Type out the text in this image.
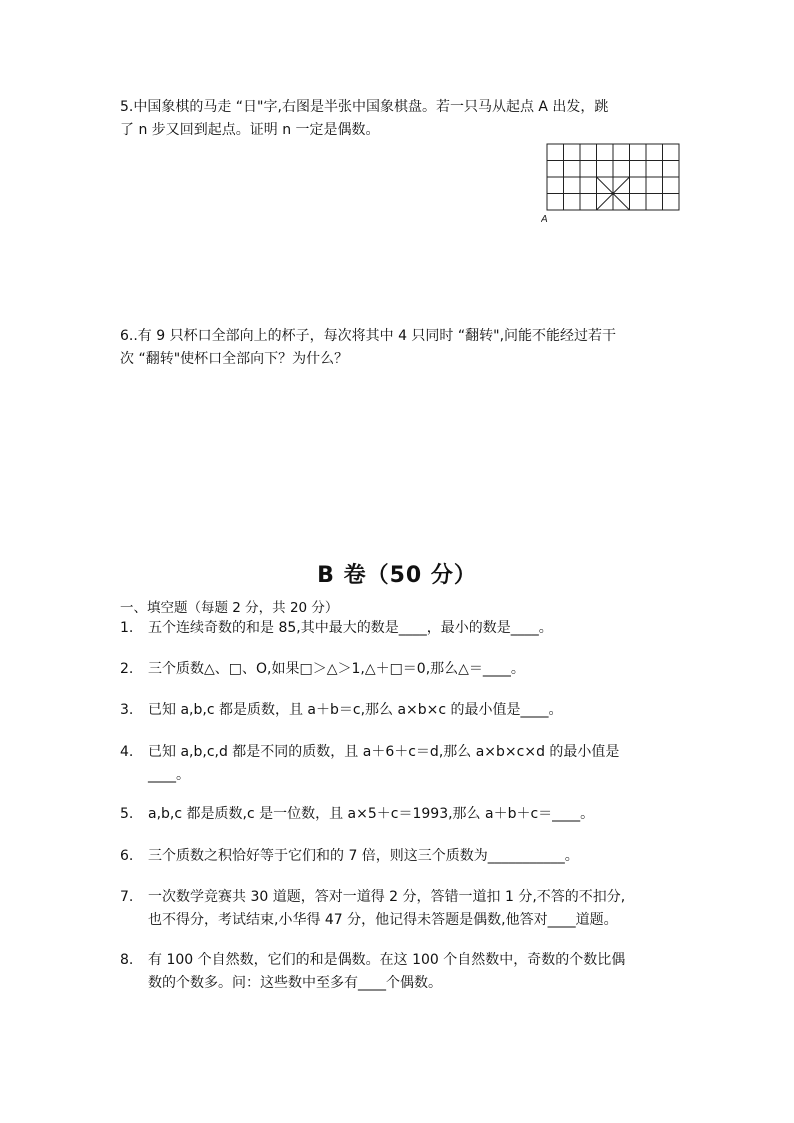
5.中国象棋的马走 “日"字,右图是半张中国象棋盘。若一只马从起点 A 出发，跳
了 n 步又回到起点。证明 n 一定是偶数。
A
6..有 9 只杯口全部向上的杯子，每次将其中 4 只同时 “翻转",问能不能经过若干
次 “翻转"使杯口全部向下？为什么？
B 卷（50 分）
一、填空题（每题 2 分，共 20 分）
1.	五个连续奇数的和是 85,其中最大的数是____，最小的数是____。
2.	三个质数△、□、O,如果□＞△＞1,△＋□＝0,那么△＝____。
3.	已知 a,b,c 都是质数，且 a＋b＝c,那么 a×b×c 的最小值是____。
4.	已知 a,b,c,d 都是不同的质数，且 a＋6＋c＝d,那么 a×b×c×d 的最小值是
____。
5.	a,b,c 都是质数,c 是一位数，且 a×5＋c＝1993,那么 a＋b＋c＝____。
6.	三个质数之积恰好等于它们和的 7 倍，则这三个质数为___________。
7.	一次数学竞赛共 30 道题，答对一道得 2 分，答错一道扣 1 分,不答的不扣分,
也不得分，考试结束,小华得 47 分，他记得未答题是偶数,他答对____道题。
8.	有 100 个自然数，它们的和是偶数。在这 100 个自然数中，奇数的个数比偶
数的个数多。问：这些数中至多有____个偶数。
